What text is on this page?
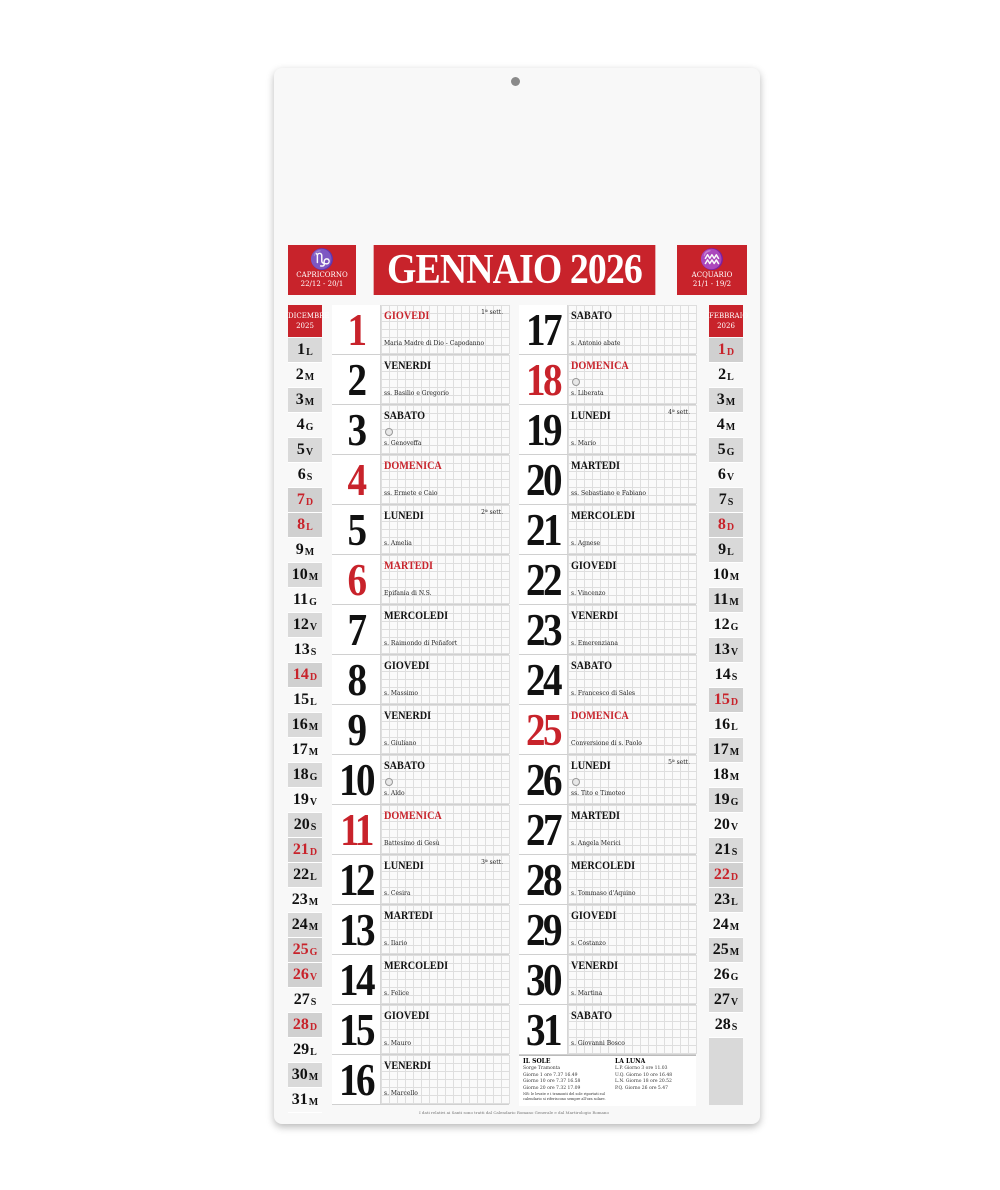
♑
CAPRICORNO
22/12 - 20/1	GENNAIO 2026	♒
ACQUARIO
21/1 - 19/2
DICEMBRE
2025
1 L
2 M
3 M
4 G
5 V
6 S
7 D
8 L
9 M
10 M
11 G
12 V
13 S
14 D
15 L
16 M
17 M
18 G
19 V
20 S
21 D
22 L
23 M
24 M
25 G
26 V
27 S
28 D
29 L
30 M
31 M
FEBBRAIO
2026
1 D
2 L
3 M
4 M
5 G
6 V
7 S
8 D
9 L
10 M
11 M
12 G
13 V
14 S
15 D
16 L
17 M
18 M
19 G
20 V
21 S
22 D
23 L
24 M
25 M
26 G
27 V
28 S
1	GIOVEDI	1ª sett.
Maria Madre di Dio - Capodanno
2	VENERDI
ss. Basilio e Gregorio
3	SABATO
s. Genoveffa
4	DOMENICA
ss. Ermete e Caio
5	LUNEDI	2ª sett.
s. Amelia
6	MARTEDI
Epifania di N.S.
7	MERCOLEDI
s. Raimondo di Peñafort
8	GIOVEDI
s. Massimo
9	VENERDI
s. Giuliano
10 SABATO
s. Aldo
11	DOMENICA
Battesimo di Gesù
12 LUNEDI	3ª sett.
s. Cesira
13 MARTEDI
s. Ilario
14 MERCOLEDI
s. Felice
15 GIOVEDI
s. Mauro
16 VENERDI
s. Marcello
17 SABATO
s. Antonio abate
18 DOMENICA
s. Liberata
19 LUNEDI	4ª sett.
s. Mario
20 MARTEDI
ss. Sebastiano e Fabiano
21 MERCOLEDI
s. Agnese
22 GIOVEDI
s. Vincenzo
23 VENERDI
s. Emerenziana
24 SABATO
s. Francesco di Sales
25 DOMENICA
Conversione di s. Paolo
26 LUNEDI	5ª sett.
ss. Tito e Timoteo
27 MARTEDI
s. Angela Merici
28 MERCOLEDI
s. Tommaso d'Aquino
29 GIOVEDI
s. Costanzo
30 VENERDI
s. Martina
31 SABATO
s. Giovanni Bosco
IL SOLE
Sorge Tramonta
Giorno 1 ore 7.37 16.49
Giorno 10 ore 7.37 16.58
Giorno 20 ore 7.32 17.09
NB: le levate e i tramonti del sole riportati sul calendario si riferiscono sempre all'ora solare.
LA LUNA
L.P. Giorno 3 ore 11.03
U.Q. Giorno 10 ore 16.48
L.N. Giorno 18 ore 20.52
P.Q. Giorno 26 ore 5.47
I dati relativi ai Santi sono tratti dal Calendario Romano Generale e dal Martirologio Romano
